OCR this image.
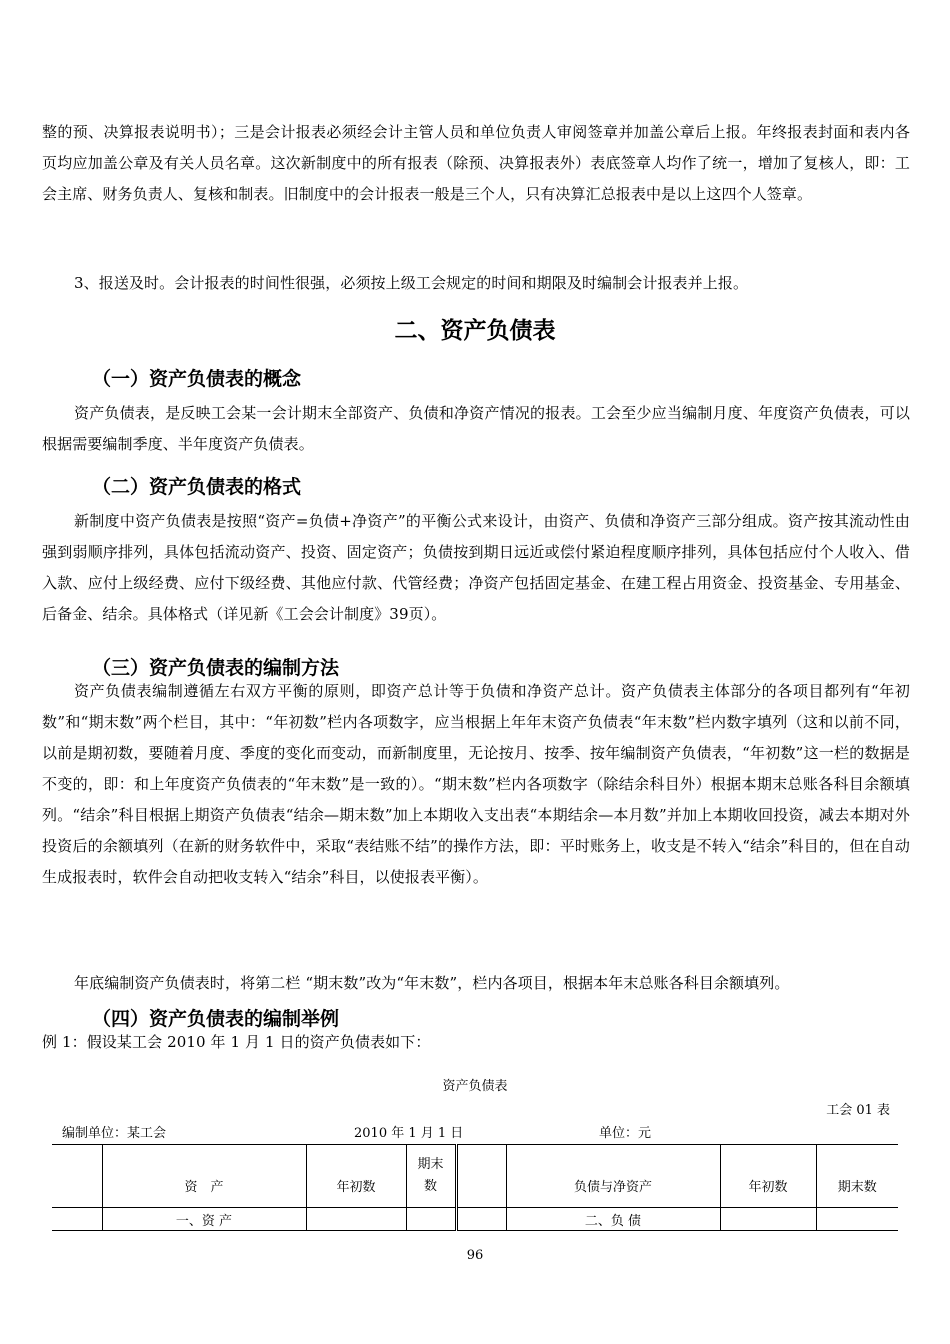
整的预、决算报表说明书）；三是会计报表必须经会计主管人员和单位负责人审阅签章并加盖公章后上报。年终报表封面和表内各页均应加盖公章及有关人员名章。这次新制度中的所有报表（除预、决算报表外）表底签章人均作了统一，增加了复核人，即：工会主席、财务负责人、复核和制表。旧制度中的会计报表一般是三个人，只有决算汇总报表中是以上这四个人签章。

3、报送及时。会计报表的时间性很强，必须按上级工会规定的时间和期限及时编制会计报表并上报。

二、资产负债表
（一）资产负债表的概念

资产负债表，是反映工会某一会计期末全部资产、负债和净资产情况的报表。工会至少应当编制月度、年度资产负债表，可以根据需要编制季度、半年度资产负债表。

（二）资产负债表的格式

新制度中资产负债表是按照“资产=负债+净资产”的平衡公式来设计，由资产、负债和净资产三部分组成。资产按其流动性由强到弱顺序排列，具体包括流动资产、投资、固定资产；负债按到期日远近或偿付紧迫程度顺序排列，具体包括应付个人收入、借入款、应付上级经费、应付下级经费、其他应付款、代管经费；净资产包括固定基金、在建工程占用资金、投资基金、专用基金、后备金、结余。具体格式（详见新《工会会计制度》39页）。

（三）资产负债表的编制方法

资产负债表编制遵循左右双方平衡的原则，即资产总计等于负债和净资产总计。资产负债表主体部分的各项目都列有“年初数”和“期末数”两个栏目，其中：“年初数”栏内各项数字，应当根据上年年末资产负债表“年末数”栏内数字填列（这和以前不同，以前是期初数，要随着月度、季度的变化而变动，而新制度里，无论按月、按季、按年编制资产负债表，“年初数”这一栏的数据是不变的，即：和上年度资产负债表的“年末数”是一致的）。“期末数”栏内各项数字（除结余科目外）根据本期末总账各科目余额填列。“结余”科目根据上期资产负债表“结余—期末数”加上本期收入支出表“本期结余—本月数”并加上本期收回投资，减去本期对外投资后的余额填列（在新的财务软件中，采取“表结账不结”的操作方法，即：平时账务上，收支是不转入“结余”科目的，但在自动生成报表时，软件会自动把收支转入“结余”科目，以使报表平衡）。

年底编制资产负债表时，将第二栏 “期末数”改为“年末数”，栏内各项目，根据本年末总账各科目余额填列。

（四）资产负债表的编制举例

例 1：假设某工会 2010 年 1 月 1 日的资产负债表如下：

资产负债表

工会 01 表

编制单位：某工会	2010 年 1 月 1 日	单位：元

	资　产	年初数	期末数		负债与净资产	年初数	期末数
	一、资 产				二、负 债		
96
